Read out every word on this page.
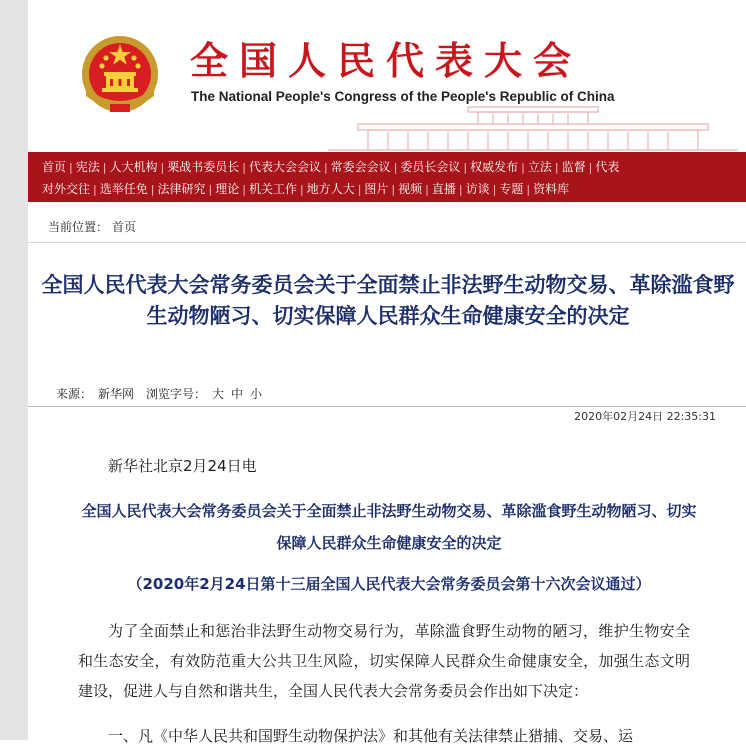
全国人民代表大会
The National People's Congress of the People's Republic of China
首页 | 宪法 | 人大机构 | 栗战书委员长 | 代表大会会议 | 常委会会议 | 委员长会议 | 权威发布 | 立法 | 监督 | 代表
对外交往 | 选举任免 | 法律研究 | 理论 | 机关工作 | 地方人大 | 图片 | 视频 | 直播 | 访谈 | 专题 | 资料库
当前位置： 首页
全国人民代表大会常务委员会关于全面禁止非法野生动物交易、革除滥食野生动物陋习、切实保障人民群众生命健康安全的决定
来源： 新华网 浏览字号： 大 中 小
2020年02月24日 22:35:31
新华社北京2月24日电
全国人民代表大会常务委员会关于全面禁止非法野生动物交易、革除滥食野生动物陋习、切实保障人民群众生命健康安全的决定
（2020年2月24日第十三届全国人民代表大会常务委员会第十六次会议通过）
为了全面禁止和惩治非法野生动物交易行为，革除滥食野生动物的陋习，维护生物安全和生态安全，有效防范重大公共卫生风险，切实保障人民群众生命健康安全，加强生态文明建设，促进人与自然和谐共生，全国人民代表大会常务委员会作出如下决定：
一、凡《中华人民共和国野生动物保护法》和其他有关法律禁止猎捕、交易、运
